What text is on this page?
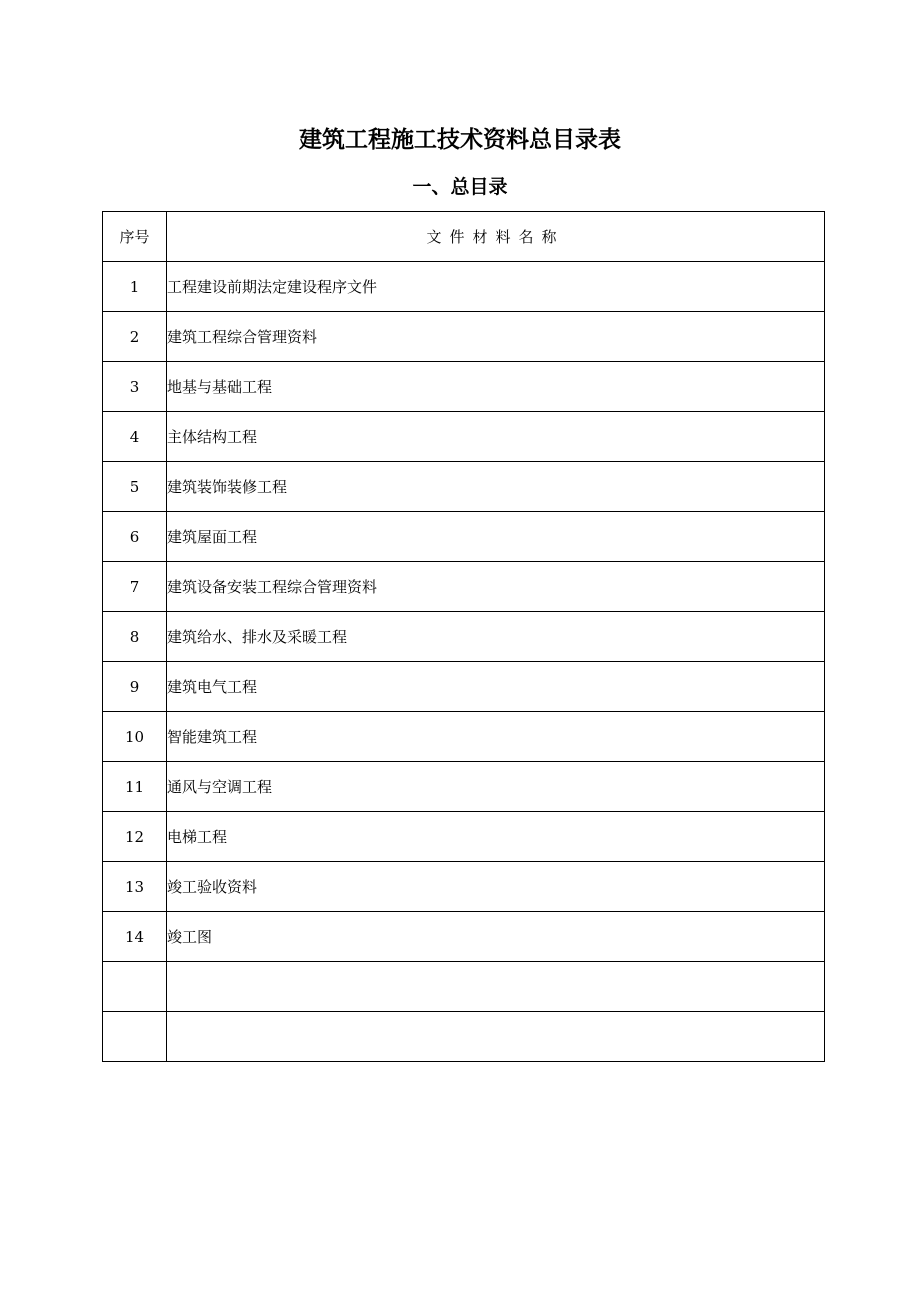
建筑工程施工技术资料总目录表
一、总目录
序号	文件材料名称
1	工程建设前期法定建设程序文件
2	建筑工程综合管理资料
3	地基与基础工程
4	主体结构工程
5	建筑装饰装修工程
6	建筑屋面工程
7	建筑设备安装工程综合管理资料
8	建筑给水、排水及采暖工程
9	建筑电气工程
10	智能建筑工程
11	通风与空调工程
12	电梯工程
13	竣工验收资料
14	竣工图
